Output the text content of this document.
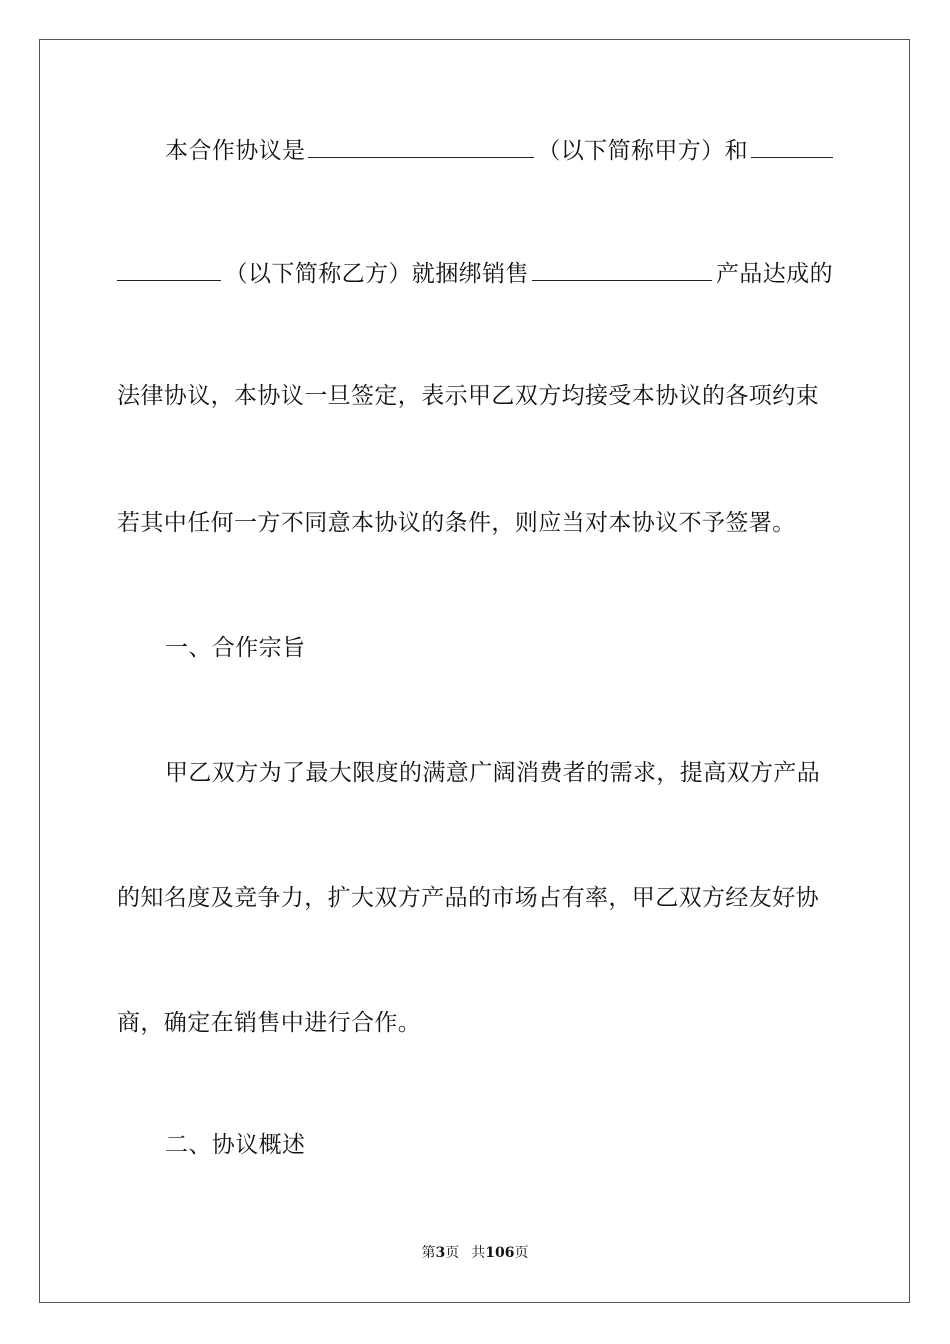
本合作协议是	（以下简称甲方）和
（以下简称乙方）就捆绑销售	产品达成的
法律协议，本协议一旦签定，表示甲乙双方均接受本协议的各项约束
若其中任何一方不同意本协议的条件，则应当对本协议不予签署。
一、合作宗旨
甲乙双方为了最大限度的满意广阔消费者的需求，提高双方产品
的知名度及竞争力，扩大双方产品的市场占有率，甲乙双方经友好协
商，确定在销售中进行合作。
二、协议概述
第3页 共106页
